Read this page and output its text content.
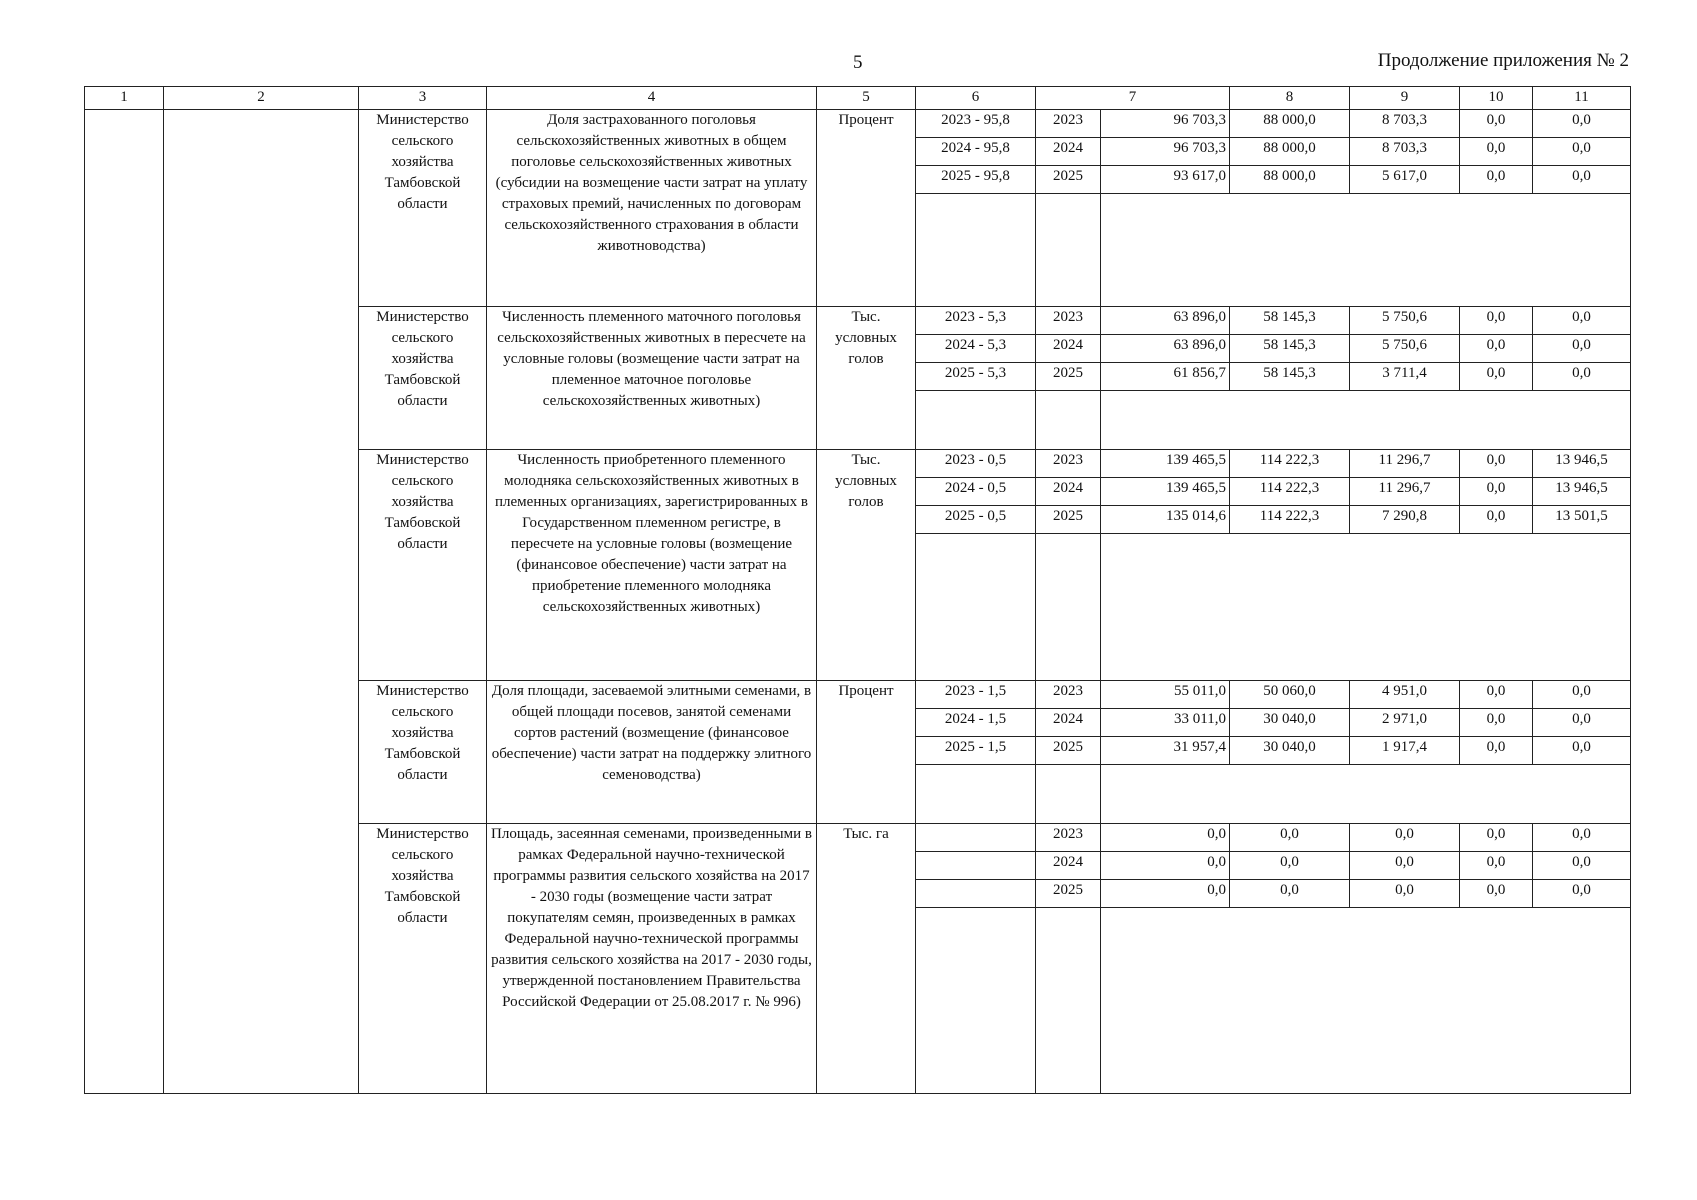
5	Продолжение приложения № 2
1	2	3	4	5	6	7		8	9	10	11
		Министерство сельского хозяйства Тамбовской области	Доля застрахованного поголовья сельскохозяйственных животных в общем поголовье сельскохозяйственных животных (субсидии на возмещение части затрат на уплату страховых премий, начисленных по договорам сельскохозяйственного страхования в области животноводства)	Процент	2023 - 95,8	2023	96 703,3	88 000,0	8 703,3	0,0	0,0
					2024 - 95,8	2024	96 703,3	88 000,0	8 703,3	0,0	0,0
					2025 - 95,8	2025	93 617,0	88 000,0	5 617,0	0,0	0,0

		Министерство сельского хозяйства Тамбовской области	Численность племенного маточного поголовья сельскохозяйственных животных в пересчете на условные головы (возмещение части затрат на племенное маточное поголовье сельскохозяйственных животных)	Тыс. условных голов	2023 - 5,3	2023	63 896,0	58 145,3	5 750,6	0,0	0,0
					2024 - 5,3	2024	63 896,0	58 145,3	5 750,6	0,0	0,0
					2025 - 5,3	2025	61 856,7	58 145,3	3 711,4	0,0	0,0

		Министерство сельского хозяйства Тамбовской области	Численность приобретенного племенного молодняка сельскохозяйственных животных в племенных организациях, зарегистрированных в Государственном племенном регистре, в пересчете на условные головы (возмещение (финансовое обеспечение) части затрат на приобретение племенного молодняка сельскохозяйственных животных)	Тыс. условных голов	2023 - 0,5	2023	139 465,5	114 222,3	11 296,7	0,0	13 946,5
					2024 - 0,5	2024	139 465,5	114 222,3	11 296,7	0,0	13 946,5
					2025 - 0,5	2025	135 014,6	114 222,3	7 290,8	0,0	13 501,5

		Министерство сельского хозяйства Тамбовской области	Доля площади, засеваемой элитными семенами, в общей площади посевов, занятой семенами сортов растений (возмещение (финансовое обеспечение) части затрат на поддержку элитного семеноводства)	Процент	2023 - 1,5	2023	55 011,0	50 060,0	4 951,0	0,0	0,0
					2024 - 1,5	2024	33 011,0	30 040,0	2 971,0	0,0	0,0
					2025 - 1,5	2025	31 957,4	30 040,0	1 917,4	0,0	0,0

		Министерство сельского хозяйства Тамбовской области	Площадь, засеянная семенами, произведенными в рамках Федеральной научно-технической программы развития сельского хозяйства на 2017 - 2030 годы (возмещение части затрат покупателям семян, произведенных в рамках Федеральной научно-технической программы развития сельского хозяйства на 2017 - 2030 годы, утвержденной постановлением Правительства Российской Федерации от 25.08.2017 г. № 996)	Тыс. га		2023	0,0	0,0	0,0	0,0	0,0
						2024	0,0	0,0	0,0	0,0	0,0
						2025	0,0	0,0	0,0	0,0	0,0
